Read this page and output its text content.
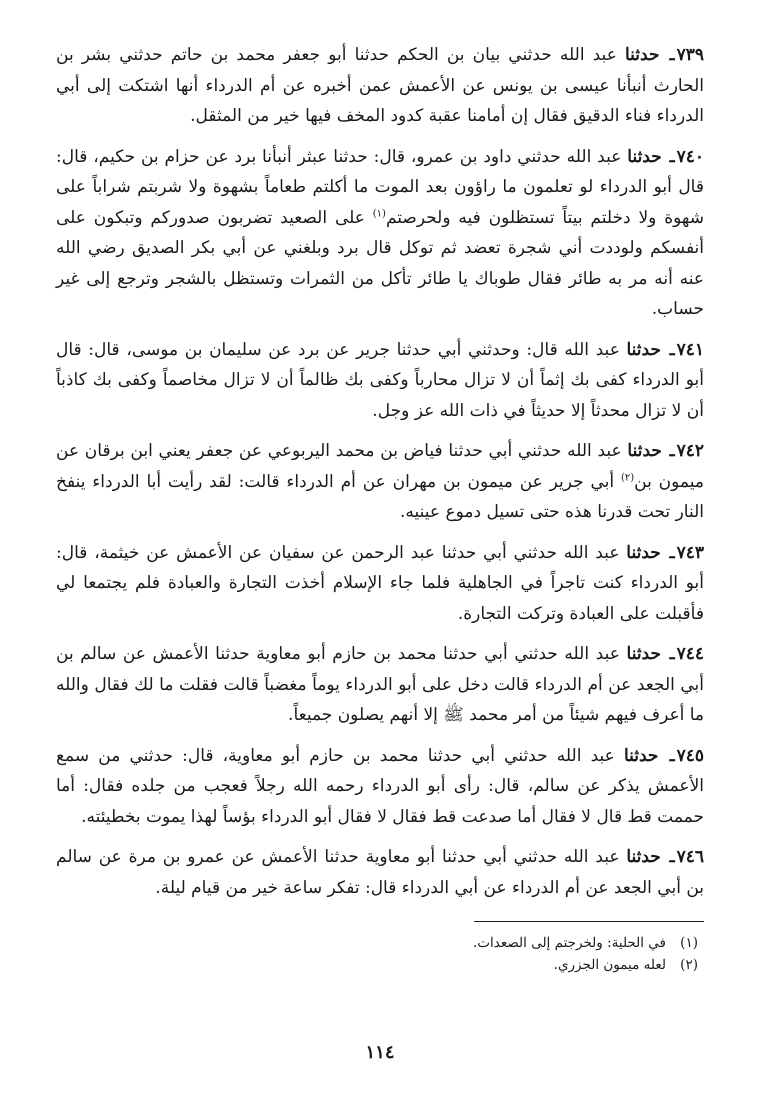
٧٣٩ـ حدثنا عبد الله حدثني بيان بن الحكم حدثنا أبو جعفر محمد بن حاتم حدثني بشر بن الحارث أنبأنا عيسى بن يونس عن الأعمش عمن أخبره عن أم الدرداء أنها اشتكت إلى أبي الدرداء فناء الدقيق فقال إن أمامنا عقبة كدود المخف فيها خير من المثقل.

٧٤٠ـ حدثنا عبد الله حدثني داود بن عمرو، قال: حدثنا عبثر أنبأنا برد عن حزام بن حكيم، قال: قال أبو الدرداء لو تعلمون ما راؤون بعد الموت ما أكلتم طعاماً بشهوة ولا شربتم شراباً على شهوة ولا دخلتم بيتاً تستظلون فيه ولحرصتم$^{(١)}$ على الصعيد تضربون صدوركم وتبكون على أنفسكم ولوددت أني شجرة تعضد ثم توكل قال برد وبلغني عن أبي بكر الصديق رضي الله عنه أنه مر به طائر فقال طوباك يا طائر تأكل من الثمرات وتستظل بالشجر وترجع إلى غير حساب.

٧٤١ـ حدثنا عبد الله قال: وحدثني أبي حدثنا جرير عن برد عن سليمان بن موسى، قال: قال أبو الدرداء كفى بك إثماً أن لا تزال محارباً وكفى بك ظالماً أن لا تزال مخاصماً وكفى بك كاذباً أن لا تزال محدثاً إلا حديثاً في ذات الله عز وجل.

٧٤٢ـ حدثنا عبد الله حدثني أبي حدثنا فياض بن محمد اليربوعي عن جعفر يعني ابن برقان عن ميمون بن$^{(٢)}$ أبي جرير عن ميمون بن مهران عن أم الدرداء قالت: لقد رأيت أبا الدرداء ينفخ النار تحت قدرنا هذه حتى تسيل دموع عينيه.

٧٤٣ـ حدثنا عبد الله حدثني أبي حدثنا عبد الرحمن عن سفيان عن الأعمش عن خيثمة، قال: أبو الدرداء كنت تاجراً في الجاهلية فلما جاء الإسلام أخذت التجارة والعبادة فلم يجتمعا لي فأقبلت على العبادة وتركت التجارة.

٧٤٤ـ حدثنا عبد الله حدثني أبي حدثنا محمد بن حازم أبو معاوية حدثنا الأعمش عن سالم بن أبي الجعد عن أم الدرداء قالت دخل على أبو الدرداء يوماً مغضباً قالت فقلت ما لك فقال والله ما أعرف فيهم شيئاً من أمر محمد ﷺ إلا أنهم يصلون جميعاً.

٧٤٥ـ حدثنا عبد الله حدثني أبي حدثنا محمد بن حازم أبو معاوية، قال: حدثني من سمع الأعمش يذكر عن سالم، قال: رأى أبو الدرداء رحمه الله رجلاً فعجب من جلده فقال: أما حممت قط قال لا فقال أما صدعت قط فقال لا فقال أبو الدرداء بؤساً لهذا يموت بخطيئته.

٧٤٦ـ حدثنا عبد الله حدثني أبي حدثنا أبو معاوية حدثنا الأعمش عن عمرو بن مرة عن سالم بن أبي الجعد عن أم الدرداء عن أبي الدرداء قال: تفكر ساعة خير من قيام ليلة.

(١)في الحلية: ولخرجتم إلى الصعدات.
(٢)لعله ميمون الجزري.
١١٤
